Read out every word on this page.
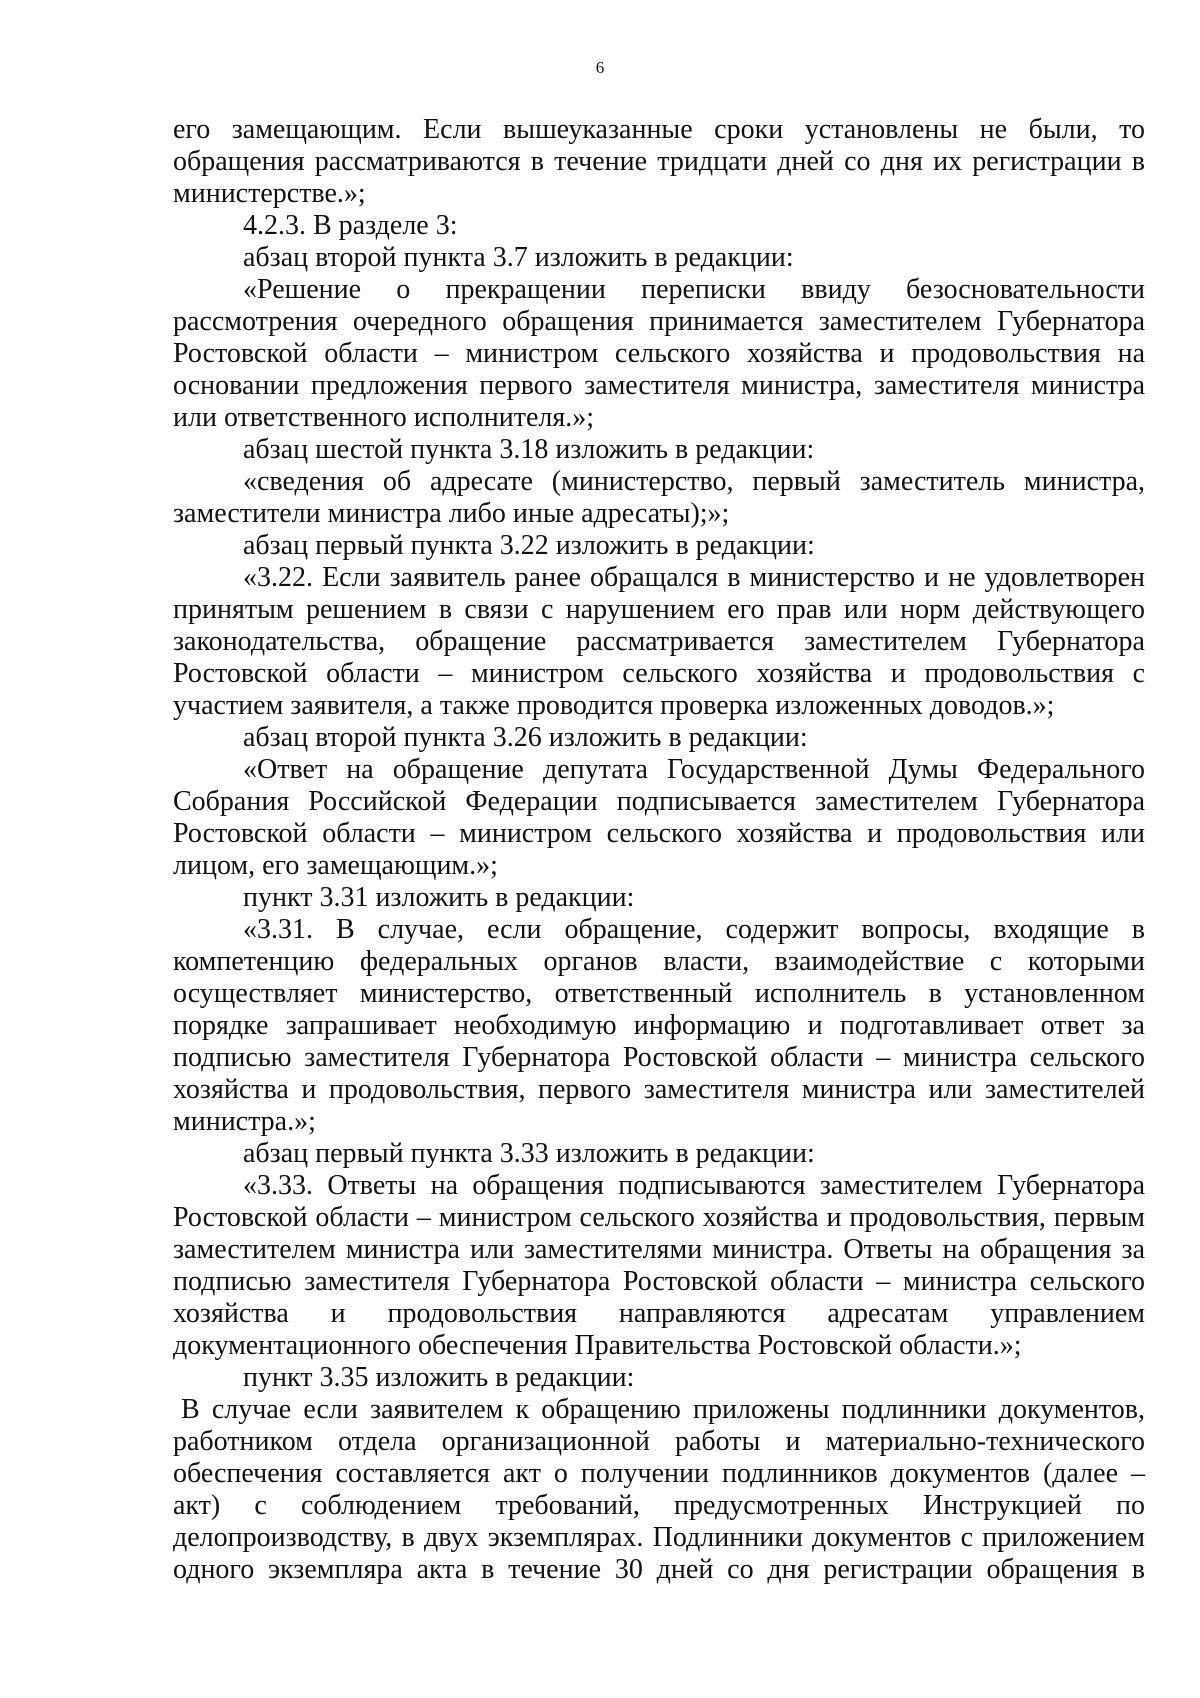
6

его замещающим. Если вышеуказанные сроки установлены не были, то обращения рассматриваются в течение тридцати дней со дня их регистрации в министерстве.»;

4.2.3. В разделе 3:

абзац второй пункта 3.7 изложить в редакции:

«Решение о прекращении переписки ввиду безосновательности рассмотрения очередного обращения принимается заместителем Губернатора Ростовской области – министром сельского хозяйства и продовольствия на основании предложения первого заместителя министра, заместителя министра или ответственного исполнителя.»;

абзац шестой пункта 3.18 изложить в редакции:

«сведения об адресате (министерство, первый заместитель министра, заместители министра либо иные адресаты);»;

абзац первый пункта 3.22 изложить в редакции:

«3.22. Если заявитель ранее обращался в министерство и не удовлетворен принятым решением в связи с нарушением его прав или норм действующего законодательства, обращение рассматривается заместителем Губернатора Ростовской области – министром сельского хозяйства и продовольствия с участием заявителя, а также проводится проверка изложенных доводов.»;

абзац второй пункта 3.26 изложить в редакции:

«Ответ на обращение депутата Государственной Думы Федерального Собрания Российской Федерации подписывается заместителем Губернатора Ростовской области – министром сельского хозяйства и продовольствия или лицом, его замещающим.»;

пункт 3.31 изложить в редакции:

«3.31. В случае, если обращение, содержит вопросы, входящие в компетенцию федеральных органов власти, взаимодействие с которыми осуществляет министерство, ответственный исполнитель в установленном порядке запрашивает необходимую информацию и подготавливает ответ за подписью заместителя Губернатора Ростовской области – министра сельского хозяйства и продовольствия, первого заместителя министра или заместителей министра.»;

абзац первый пункта 3.33 изложить в редакции:

«3.33. Ответы на обращения подписываются заместителем Губернатора Ростовской области – министром сельского хозяйства и продовольствия, первым заместителем министра или заместителями министра. Ответы на обращения за подписью заместителя Губернатора Ростовской области – министра сельского хозяйства и продовольствия направляются адресатам управлением документационного обеспечения Правительства Ростовской области.»;

пункт 3.35 изложить в редакции:

В случае если заявителем к обращению приложены подлинники документов, работником отдела организационной работы и материально-технического обеспечения составляется акт о получении подлинников документов (далее – акт) с соблюдением требований, предусмотренных Инструкцией по делопроизводству, в двух экземплярах. Подлинники документов с приложением одного экземпляра акта в течение 30 дней со дня регистрации обращения в
